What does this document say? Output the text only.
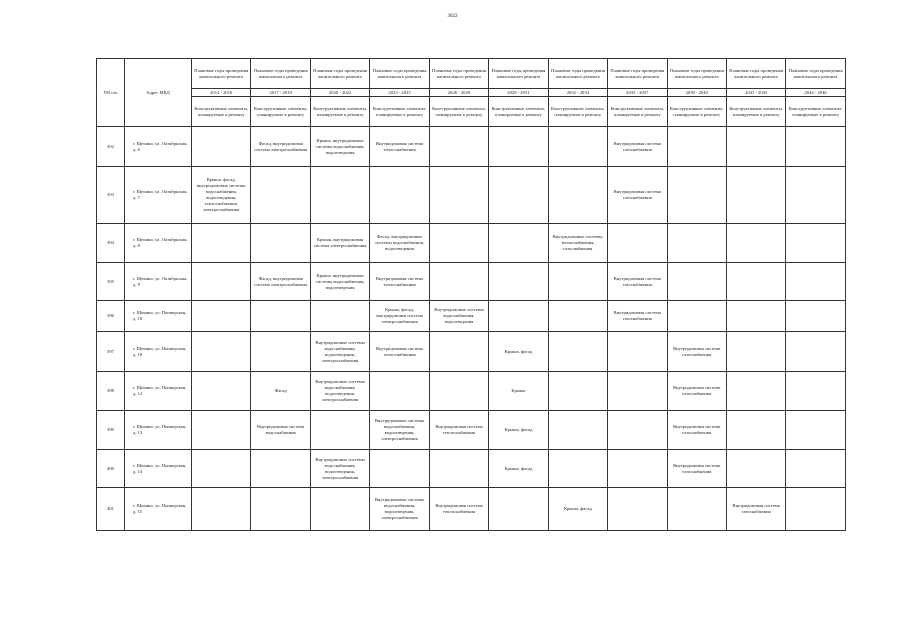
3022
NN п/п	Адрес МКД	Плановые годы проведения капитального ремонта	Плановые годы проведения капитального ремонта	Плановые годы проведения капитального ремонта	Плановые годы проведения капитального ремонта	Плановые годы проведения капитального ремонта	Плановые годы проведения капитального ремонта	Плановые годы проведения капитального ремонта	Плановые годы проведения капитального ремонта	Плановые годы проведения капитального ремонта	Плановые годы проведения капитального ремонта	Плановые годы проведения капитального ремонта
		2014 - 2016	2017 - 2019	2020 - 2022	2023 - 2025	2026 - 2028	2029 - 2031	2032 - 2034	2035 - 2037	2038 - 2040	2041 - 2043	2044 - 2046
		Конструктивные элементы, планируемые к ремонту	Конструктивные элементы, планируемые к ремонту	Конструктивные элементы, планируемые к ремонту	Конструктивные элементы, планируемые к ремонту	Конструктивные элементы, планируемые к ремонту	Конструктивные элементы, планируемые к ремонту	Конструктивные элементы, планируемые к ремонту	Конструктивные элементы, планируемые к ремонту	Конструктивные элементы, планируемые к ремонту	Конструктивные элементы, планируемые к ремонту	Конструктивные элементы, планируемые к ремонту
392	г. Щекино, ул. Октябрьская, д. 6		Фасад, внутридомовая система электроснабжения	Крыша, внутридомовые системы водоснабжения, водоотведения	Внутридомовая система теплоснабжения				Внутридомовая система газоснабжения			
393	г. Щекино, ул. Октябрьская, д. 7	Крыша, фасад, внутридомовые системы водоснабжения, водоотведения, теплоснабжения, электроснабжения							Внутридомовая система газоснабжения			
394	г. Щекино, ул. Октябрьская, д. 8			Крыша, внутридомовая система электроснабжения	Фасад, внутридомовые системы водоснабжения, водоотведения			Внутридомовые системы, теплоснабжения, газоснабжения				
395	г. Щекино, ул. Октябрьская, д. 9		Фасад, внутридомовая система электроснабжения	Крыша, внутридомовые системы водоснабжения, водоотведения	Внутридомовая система теплоснабжения				Внутридомовая система газоснабжения			
396	г. Щекино, ул. Пионерская, д. 10				Крыша, фасад, внутридомовая система электроснабжения	Внутридомовые системы водоснабжения, водоотведения			Внутридомовая система газоснабжения			
397	г. Щекино, ул. Пионерская, д. 10			Внутридомовые системы водоснабжения, водоотведения, электроснабжения	Внутридомовая система теплоснабжения		Крыша, фасад			Внутридомовая система газоснабжения		
398	г. Щекино, ул. Пионерская, д. 12		Фасад	Внутридомовые системы водоснабжения, водоотведения, электроснабжения			Крыша			Внутридомовая система газоснабжения		
399	г. Щекино, ул. Пионерская, д. 13		Внутридомовая система водоснабжения		Внутридомовые системы водоснабжения, водоотведения, электроснабжения	Внутридомовая система теплоснабжения	Крыша, фасад			Внутридомовая система газоснабжения		
400	г. Щекино, ул. Пионерская, д. 14			Внутридомовые системы водоснабжения, водоотведения, электроснабжения			Крыша, фасад			Внутридомовая система газоснабжения		
401	г. Щекино, ул. Пионерская, д. 15				Внутридомовые системы водоснабжения, водоотведения, электроснабжения	Внутридомовая система теплоснабжения		Крыша, фасад			Внутридомовая система газоснабжения	
